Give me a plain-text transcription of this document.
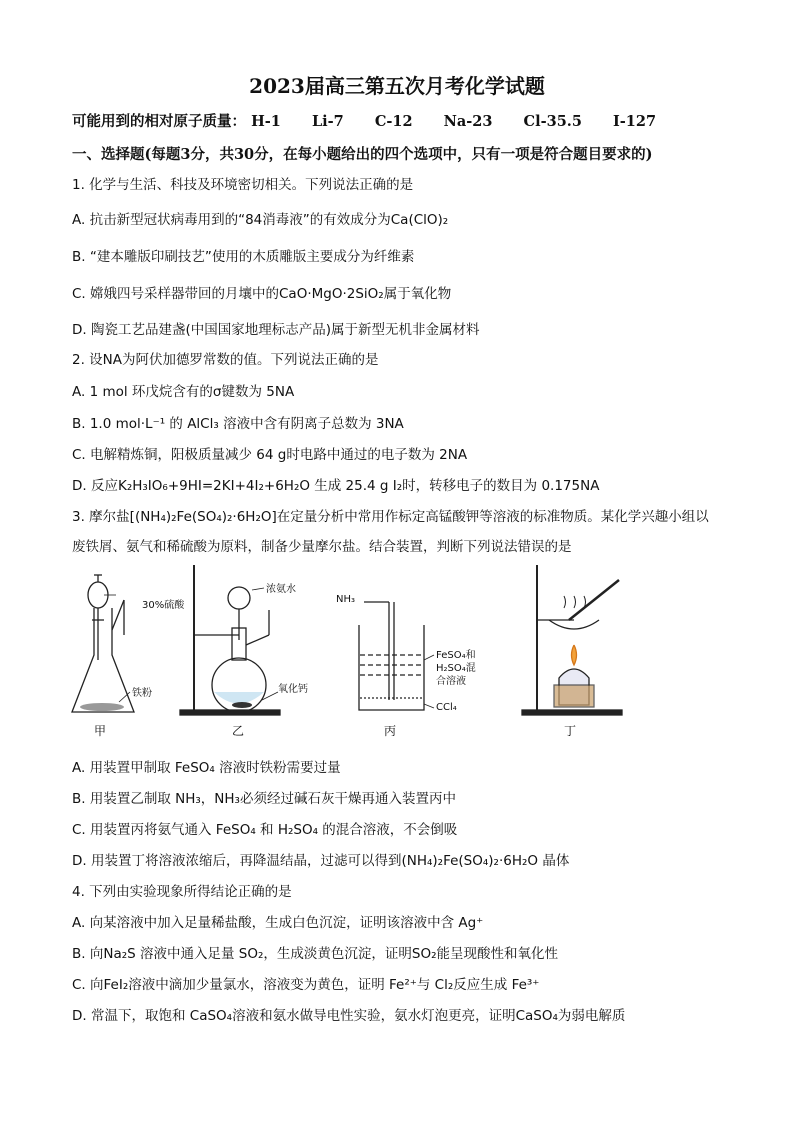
2023届高三第五次月考化学试题
可能用到的相对原子质量： H-1 Li-7 C-12 Na-23 Cl-35.5 I-127
一、选择题(每题3分，共30分，在每小题给出的四个选项中，只有一项是符合题目要求的)
1. 化学与生活、科技及环境密切相关。下列说法正确的是
A. 抗击新型冠状病毒用到的“84消毒液”的有效成分为Ca(ClO)₂
B. “建本雕版印刷技艺”使用的木质雕版主要成分为纤维素
C. 嫦娥四号采样器带回的月壤中的CaO·MgO·2SiO₂属于氧化物
D. 陶瓷工艺品建盏(中国国家地理标志产品)属于新型无机非金属材料
2. 设NA为阿伏加德罗常数的值。下列说法正确的是
A. 1 mol 环戊烷含有的σ键数为 5NA
B. 1.0 mol·L⁻¹ 的 AlCl₃ 溶液中含有阴离子总数为 3NA
C. 电解精炼铜，阳极质量减少 64 g时电路中通过的电子数为 2NA
D. 反应K₂H₃IO₆+9HI=2KI+4I₂+6H₂O 生成 25.4 g I₂时，转移电子的数目为 0.175NA
3. 摩尔盐[(NH₄)₂Fe(SO₄)₂·6H₂O]在定量分析中常用作标定高锰酸钾等溶液的标准物质。某化学兴趣小组以
废铁屑、氨气和稀硫酸为原料，制备少量摩尔盐。结合装置，判断下列说法错误的是
30%硫酸
铁粉
甲
浓氨水
氧化钙
乙
NH₃
FeSO₄和
H₂SO₄混
合溶液
CCl₄
丙	丁
A. 用装置甲制取 FeSO₄ 溶液时铁粉需要过量
B. 用装置乙制取 NH₃，NH₃必须经过碱石灰干燥再通入装置丙中
C. 用装置丙将氨气通入 FeSO₄ 和 H₂SO₄ 的混合溶液，不会倒吸
D. 用装置丁将溶液浓缩后，再降温结晶，过滤可以得到(NH₄)₂Fe(SO₄)₂·6H₂O 晶体
4. 下列由实验现象所得结论正确的是
A. 向某溶液中加入足量稀盐酸，生成白色沉淀，证明该溶液中含 Ag⁺
B. 向Na₂S 溶液中通入足量 SO₂，生成淡黄色沉淀，证明SO₂能呈现酸性和氧化性
C. 向FeI₂溶液中滴加少量氯水，溶液变为黄色，证明 Fe²⁺与 Cl₂反应生成 Fe³⁺
D. 常温下，取饱和 CaSO₄溶液和氨水做导电性实验，氨水灯泡更亮，证明CaSO₄为弱电解质
